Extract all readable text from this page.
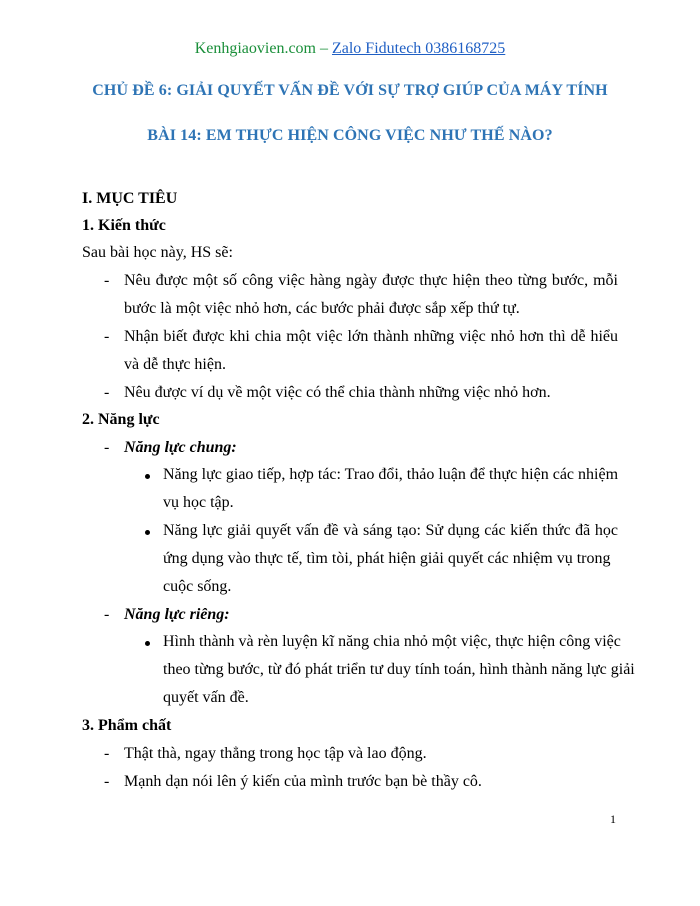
Kenhgiaovien.com – Zalo Fidutech 0386168725
CHỦ ĐỀ 6: GIẢI QUYẾT VẤN ĐỀ VỚI SỰ TRỢ GIÚP CỦA MÁY TÍNH
BÀI 14: EM THỰC HIỆN CÔNG VIỆC NHƯ THẾ NÀO?
I. MỤC TIÊU
1. Kiến thức
Sau bài học này, HS sẽ:
- Nêu được một số công việc hàng ngày được thực hiện theo từng bước, mỗi
bước là một việc nhỏ hơn, các bước phải được sắp xếp thứ tự.
- Nhận biết được khi chia một việc lớn thành những việc nhỏ hơn thì dễ hiểu
và dễ thực hiện.
- Nêu được ví dụ về một việc có thể chia thành những việc nhỏ hơn.
2. Năng lực
- Năng lực chung:
Năng lực giao tiếp, hợp tác: Trao đổi, thảo luận để thực hiện các nhiệm
vụ học tập.
Năng lực giải quyết vấn đề và sáng tạo: Sử dụng các kiến thức đã học
ứng dụng vào thực tế, tìm tòi, phát hiện giải quyết các nhiệm vụ trong
cuộc sống.
- Năng lực riêng:
Hình thành và rèn luyện kĩ năng chia nhỏ một việc, thực hiện công việc
theo từng bước, từ đó phát triển tư duy tính toán, hình thành năng lực giải
quyết vấn đề.
3. Phẩm chất
- Thật thà, ngay thẳng trong học tập và lao động.
- Mạnh dạn nói lên ý kiến của mình trước bạn bè thầy cô.
1
